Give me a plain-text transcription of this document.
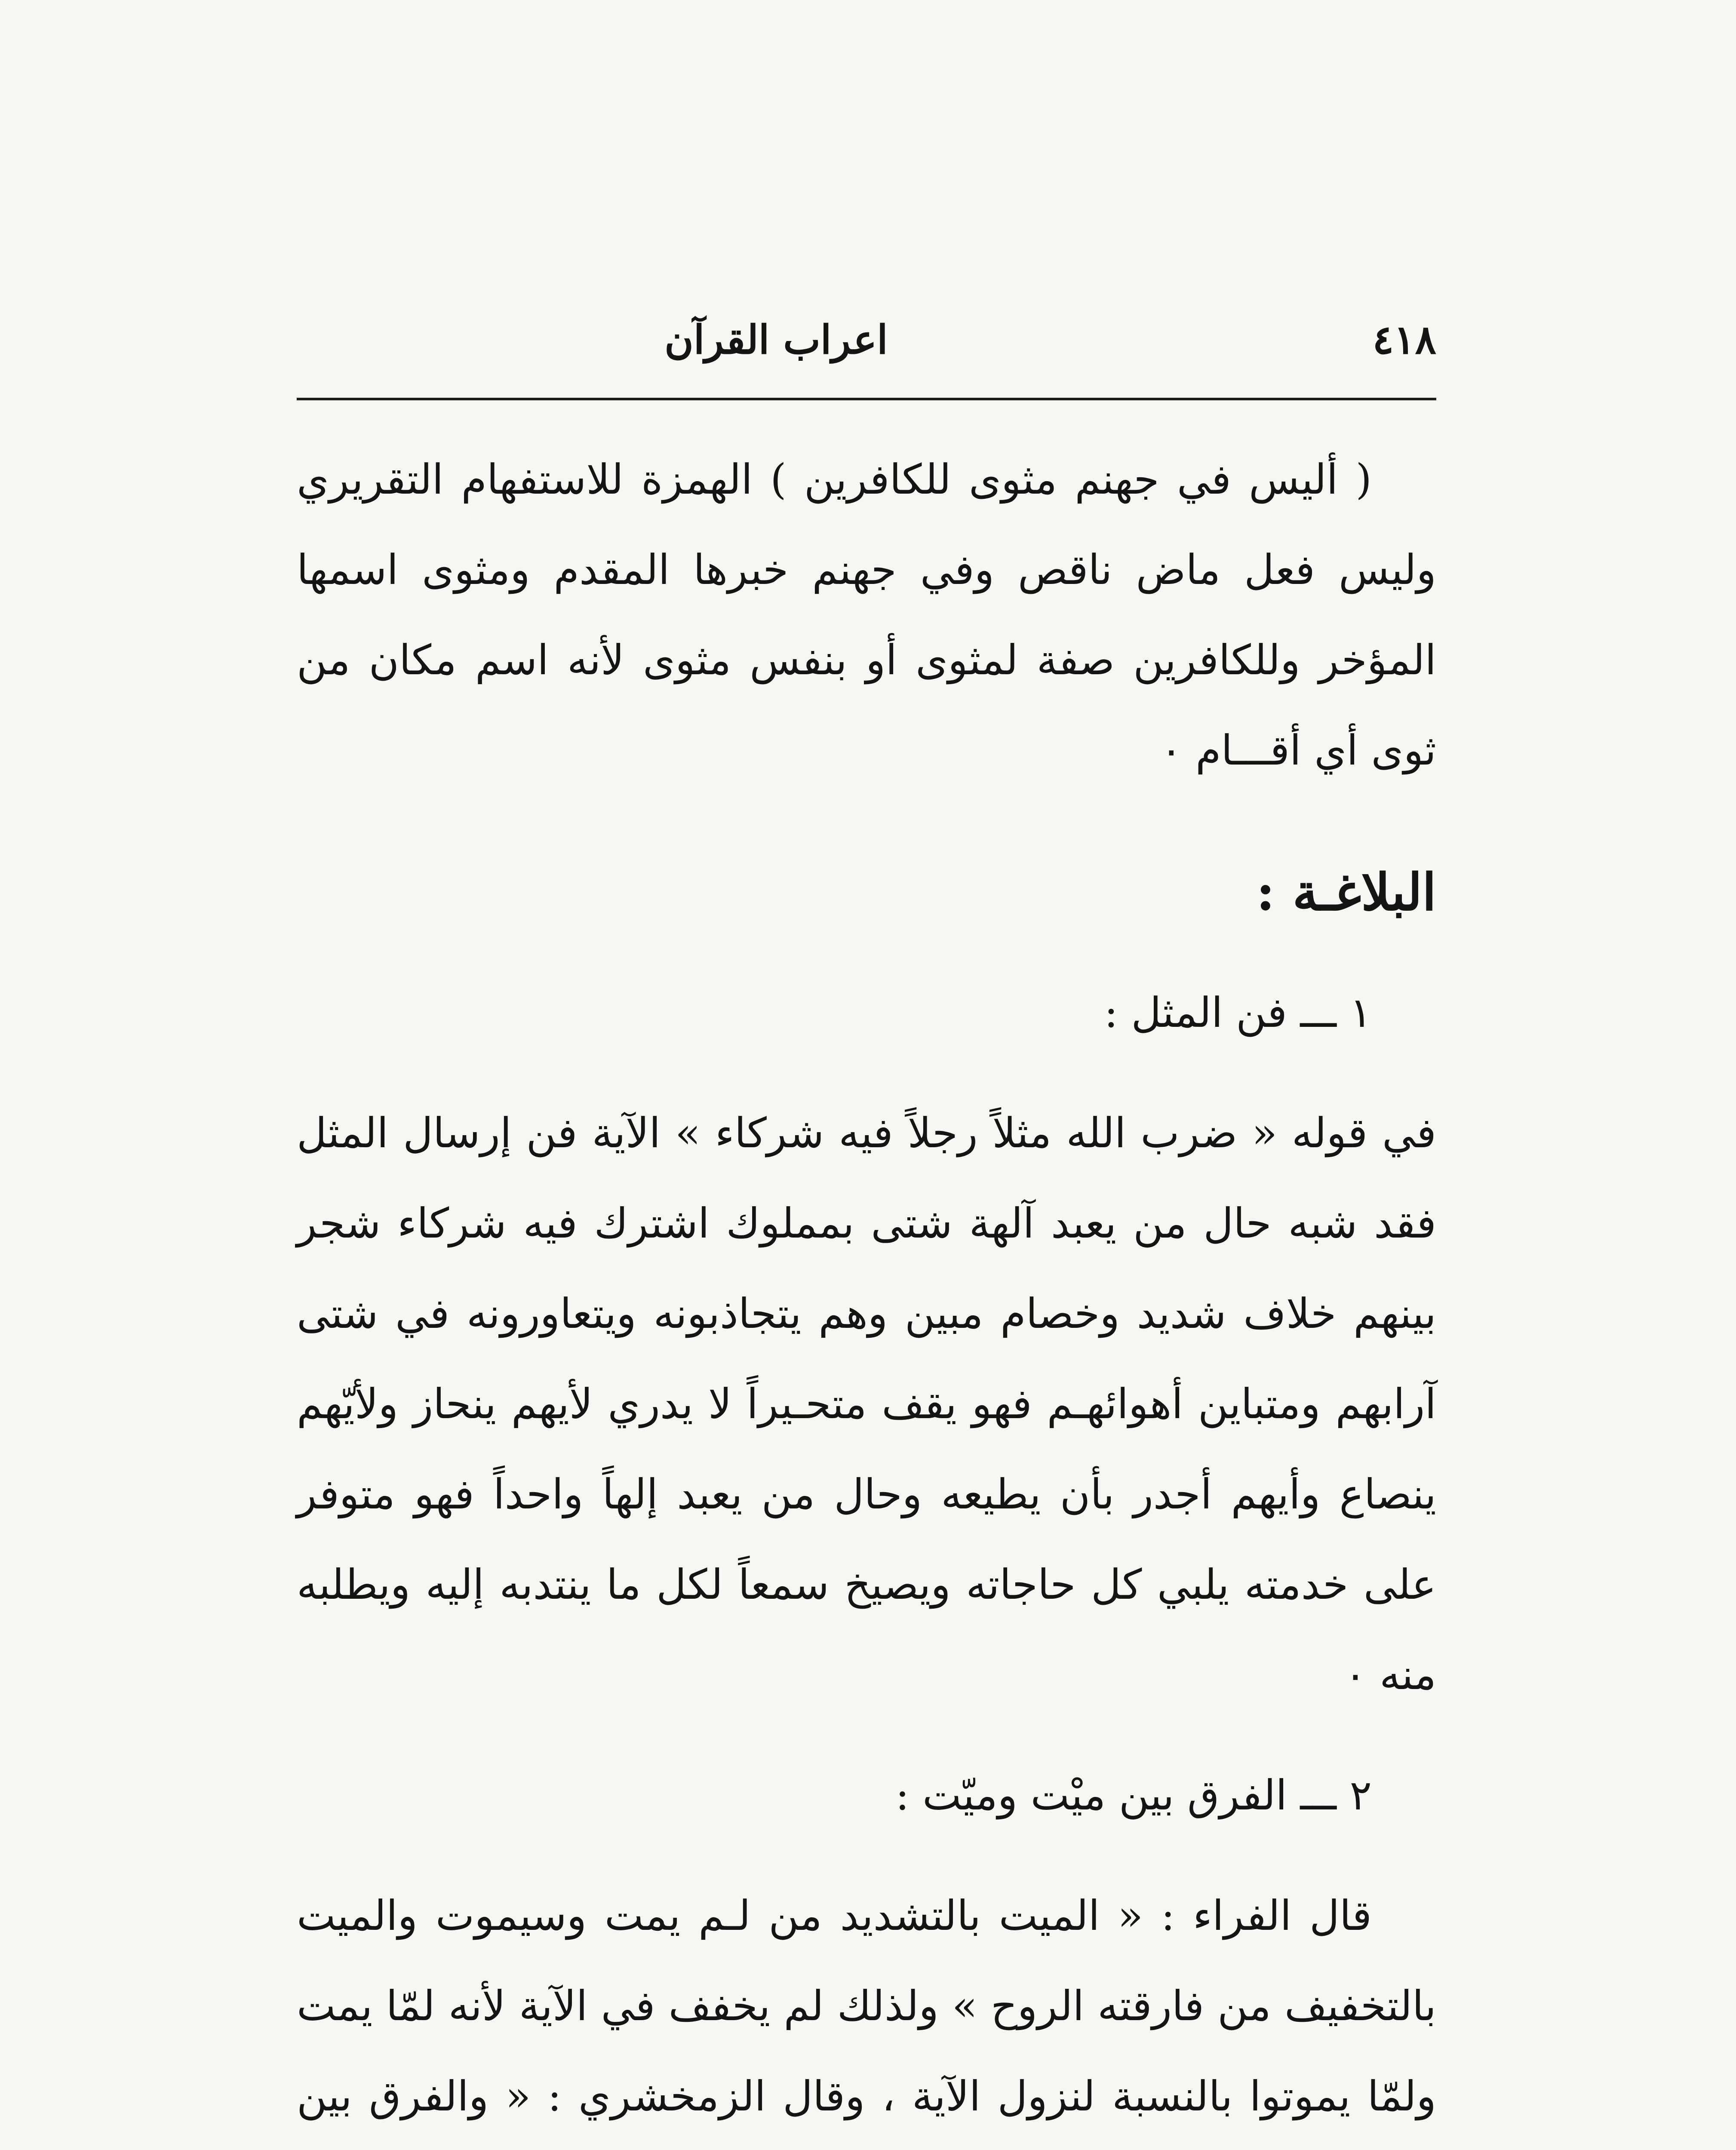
٤١٨
اعراب القرآن

( أليس في جهنم مثوى للكافرين ) الهمزة للاستفهام التقريري وليس فعل ماض ناقص وفي جهنم خبرها المقدم ومثوى اسمها المؤخر وللكافرين صفة لمثوى أو بنفس مثوى لأنه اسم مكان من ثوى أي أقـــام ٠

البلاغـة :

١ ـــ فن المثل :

في قوله « ضرب الله مثلاً رجلاً فيه شركاء » الآية فن إرسال المثل فقد شبه حال من يعبد آلهة شتى بمملوك اشترك فيه شركاء شجر بينهم خلاف شديد وخصام مبين وهم يتجاذبونه ويتعاورونه في شتى آرابهم ومتباين أهوائهـم فهو يقف متحـيراً لا يدري لأيهم ينحاز ولأيّهم ينصاع وأيهم أجدر بأن يطيعه وحال من يعبد إلهاً واحداً فهو متوفر على خدمته يلبي كل حاجاته ويصيخ سمعاً لكل ما ينتدبه إليه ويطلبه منه ٠

٢ ـــ الفرق بين ميْت وميّت :

قال الفراء : « الميت بالتشديد من لـم يمت وسيموت والميت بالتخفيف من فارقته الروح » ولذلك لم يخفف في الآية لأنه لمّا يمت ولمّا يموتوا بالنسبة لنزول الآية ، وقال الزمخشري : « والفرق بين
